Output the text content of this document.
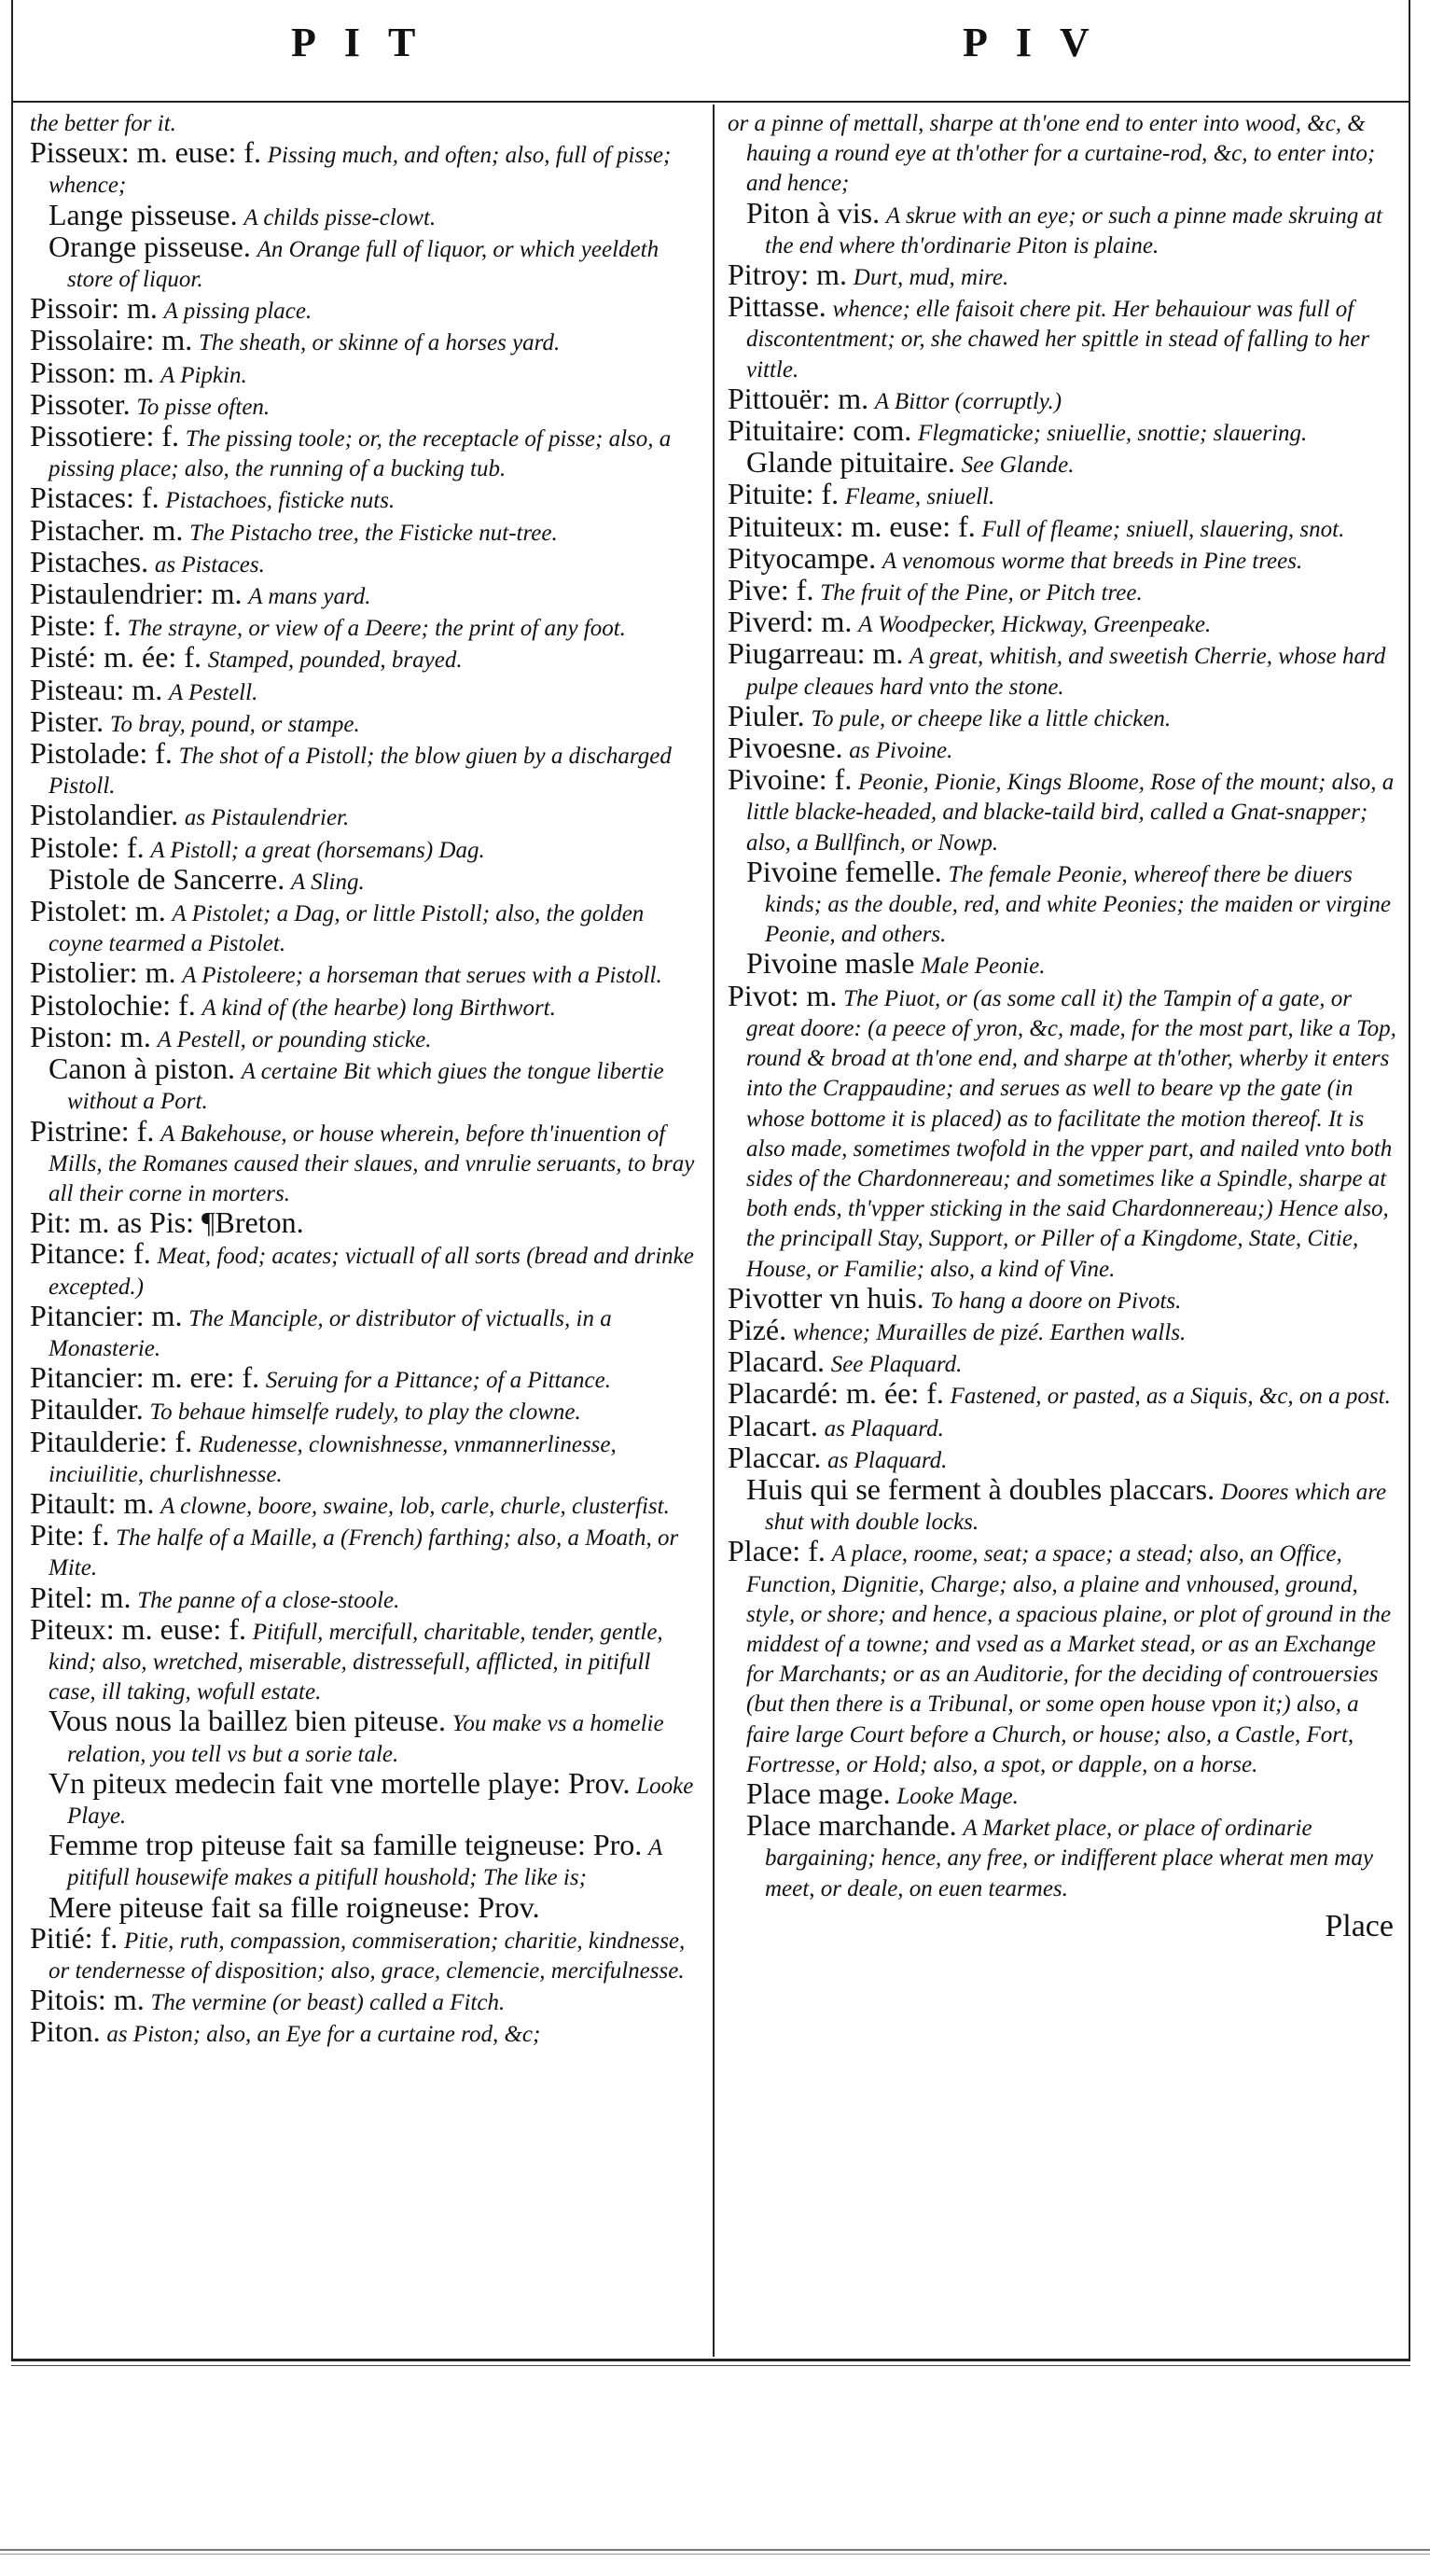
PIT	PIV

the better for it.

Pisseux: m. euse: f. Pissing much, and often; also, full of pisse; whence;

Lange pisseuse. A childs pisse-clowt.

Orange pisseuse. An Orange full of liquor, or which yeeldeth store of liquor.

Pissoir: m. A pissing place.

Pissolaire: m. The sheath, or skinne of a horses yard.

Pisson: m. A Pipkin.

Pissoter. To pisse often.

Pissotiere: f. The pissing toole; or, the receptacle of pisse; also, a pissing place; also, the running of a bucking tub.

Pistaces: f. Pistachoes, fisticke nuts.

Pistacher. m. The Pistacho tree, the Fisticke nut-tree.

Pistaches. as Pistaces.

Pistaulendrier: m. A mans yard.

Piste: f. The strayne, or view of a Deere; the print of any foot.

Pisté: m. ée: f. Stamped, pounded, brayed.

Pisteau: m. A Pestell.

Pister. To bray, pound, or stampe.

Pistolade: f. The shot of a Pistoll; the blow giuen by a discharged Pistoll.

Pistolandier. as Pistaulendrier.

Pistole: f. A Pistoll; a great (horsemans) Dag.

Pistole de Sancerre. A Sling.

Pistolet: m. A Pistolet; a Dag, or little Pistoll; also, the golden coyne tearmed a Pistolet.

Pistolier: m. A Pistoleere; a horseman that serues with a Pistoll.

Pistolochie: f. A kind of (the hearbe) long Birthwort.

Piston: m. A Pestell, or pounding sticke.

Canon à piston. A certaine Bit which giues the tongue libertie without a Port.

Pistrine: f. A Bakehouse, or house wherein, before th'inuention of Mills, the Romanes caused their slaues, and vnrulie seruants, to bray all their corne in morters.

Pit: m. as Pis: ¶Breton.

Pitance: f. Meat, food; acates; victuall of all sorts (bread and drinke excepted.)

Pitancier: m. The Manciple, or distributor of victualls, in a Monasterie.

Pitancier: m. ere: f. Seruing for a Pittance; of a Pittance.

Pitaulder. To behaue himselfe rudely, to play the clowne.

Pitaulderie: f. Rudenesse, clownishnesse, vnmannerlinesse, inciuilitie, churlishnesse.

Pitault: m. A clowne, boore, swaine, lob, carle, churle, clusterfist.

Pite: f. The halfe of a Maille, a (French) farthing; also, a Moath, or Mite.

Pitel: m. The panne of a close-stoole.

Piteux: m. euse: f. Pitifull, mercifull, charitable, tender, gentle, kind; also, wretched, miserable, distressefull, afflicted, in pitifull case, ill taking, wofull estate.

Vous nous la baillez bien piteuse. You make vs a homelie relation, you tell vs but a sorie tale.

Vn piteux medecin fait vne mortelle playe: Prov. Looke Playe.

Femme trop piteuse fait sa famille teigneuse: Pro. A pitifull housewife makes a pitifull houshold; The like is;

Mere piteuse fait sa fille roigneuse: Prov.

Pitié: f. Pitie, ruth, compassion, commiseration; charitie, kindnesse, or tendernesse of disposition; also, grace, clemencie, mercifulnesse.

Pitois: m. The vermine (or beast) called a Fitch.

Piton. as Piston; also, an Eye for a curtaine rod, &c;

or a pinne of mettall, sharpe at th'one end to enter into wood, &c, & hauing a round eye at th'other for a curtaine-rod, &c, to enter into; and hence;

Piton à vis. A skrue with an eye; or such a pinne made skruing at the end where th'ordinarie Piton is plaine.

Pitroy: m. Durt, mud, mire.

Pittasse. whence; elle faisoit chere pit. Her behauiour was full of discontentment; or, she chawed her spittle in stead of falling to her vittle.

Pittouër: m. A Bittor (corruptly.)

Pituitaire: com. Flegmaticke; sniuellie, snottie; slauering.

Glande pituitaire. See Glande.

Pituite: f. Fleame, sniuell.

Pituiteux: m. euse: f. Full of fleame; sniuell, slauering, snot.

Pityocampe. A venomous worme that breeds in Pine trees.

Pive: f. The fruit of the Pine, or Pitch tree.

Piverd: m. A Woodpecker, Hickway, Greenpeake.

Piugarreau: m. A great, whitish, and sweetish Cherrie, whose hard pulpe cleaues hard vnto the stone.

Piuler. To pule, or cheepe like a little chicken.

Pivoesne. as Pivoine.

Pivoine: f. Peonie, Pionie, Kings Bloome, Rose of the mount; also, a little blacke-headed, and blacke-taild bird, called a Gnat-snapper; also, a Bullfinch, or Nowp.

Pivoine femelle. The female Peonie, whereof there be diuers kinds; as the double, red, and white Peonies; the maiden or virgine Peonie, and others.

Pivoine masle Male Peonie.

Pivot: m. The Piuot, or (as some call it) the Tampin of a gate, or great doore: (a peece of yron, &c, made, for the most part, like a Top, round & broad at th'one end, and sharpe at th'other, wherby it enters into the Crappaudine; and serues as well to beare vp the gate (in whose bottome it is placed) as to facilitate the motion thereof. It is also made, sometimes twofold in the vpper part, and nailed vnto both sides of the Chardonnereau; and sometimes like a Spindle, sharpe at both ends, th'vpper sticking in the said Chardonnereau;) Hence also, the principall Stay, Support, or Piller of a Kingdome, State, Citie, House, or Familie; also, a kind of Vine.

Pivotter vn huis. To hang a doore on Pivots.

Pizé. whence; Murailles de pizé. Earthen walls.

Placard. See Plaquard.

Placardé: m. ée: f. Fastened, or pasted, as a Siquis, &c, on a post.

Placart. as Plaquard.

Placcar. as Plaquard.

Huis qui se ferment à doubles placcars. Doores which are shut with double locks.

Place: f. A place, roome, seat; a space; a stead; also, an Office, Function, Dignitie, Charge; also, a plaine and vnhoused, ground, style, or shore; and hence, a spacious plaine, or plot of ground in the middest of a towne; and vsed as a Market stead, or as an Exchange for Marchants; or as an Auditorie, for the deciding of controuersies (but then there is a Tribunal, or some open house vpon it;) also, a faire large Court before a Church, or house; also, a Castle, Fort, Fortresse, or Hold; also, a spot, or dapple, on a horse.

Place mage. Looke Mage.

Place marchande. A Market place, or place of ordinarie bargaining; hence, any free, or indifferent place wherat men may meet, or deale, on euen tearmes.

Place
